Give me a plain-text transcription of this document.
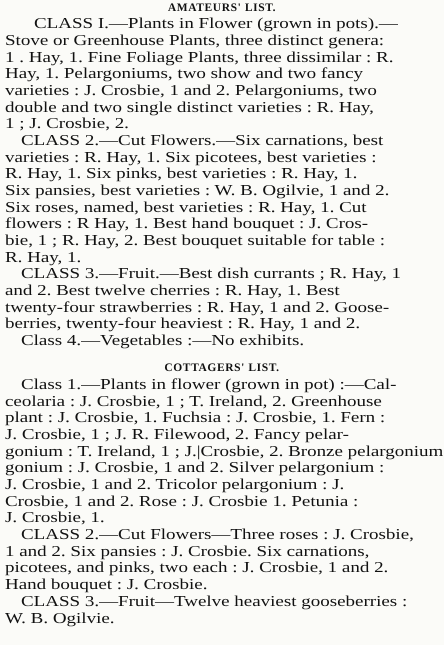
AMATEURS' LIST.
CLASS I.—Plants in Flower (grown in pots).—
Stove or Greenhouse Plants, three distinct genera:
1 . Hay, 1. Fine Foliage Plants, three dissimilar : R.
Hay, 1. Pelargoniums, two show and two fancy
varieties : J. Crosbie, 1 and 2. Pelargoniums, two
double and two single distinct varieties : R. Hay,
1 ; J. Crosbie, 2.
CLASS 2.—Cut Flowers.—Six carnations, best
varieties : R. Hay, 1. Six picotees, best varieties :
R. Hay, 1. Six pinks, best varieties : R. Hay, 1.
Six pansies, best varieties : W. B. Ogilvie, 1 and 2.
Six roses, named, best varieties : R. Hay, 1. Cut
flowers : R Hay, 1. Best hand bouquet : J. Cros-
bie, 1 ; R. Hay, 2. Best bouquet suitable for table :
R. Hay, 1.
CLASS 3.—Fruit.—Best dish currants ; R. Hay, 1
and 2. Best twelve cherries : R. Hay, 1. Best
twenty-four strawberries : R. Hay, 1 and 2. Goose-
berries, twenty-four heaviest : R. Hay, 1 and 2.
Class 4.—Vegetables :—No exhibits.
COTTAGERS' LIST.
Class 1.—Plants in flower (grown in pot) :—Cal-
ceolaria : J. Crosbie, 1 ; T. Ireland, 2. Greenhouse
plant : J. Crosbie, 1. Fuchsia : J. Crosbie, 1. Fern :
J. Crosbie, 1 ; J. R. Filewood, 2. Fancy pelar-
gonium : T. Ireland, 1 ; J.|Crosbie, 2. Bronze pelargonium
gonium : J. Crosbie, 1 and 2. Silver pelargonium :
J. Crosbie, 1 and 2. Tricolor pelargonium : J.
Crosbie, 1 and 2. Rose : J. Crosbie 1. Petunia :
J. Crosbie, 1.
CLASS 2.—Cut Flowers—Three roses : J. Crosbie,
1 and 2. Six pansies : J. Crosbie. Six carnations,
picotees, and pinks, two each : J. Crosbie, 1 and 2.
Hand bouquet : J. Crosbie.
CLASS 3.—Fruit—Twelve heaviest gooseberries :
W. B. Ogilvie.
